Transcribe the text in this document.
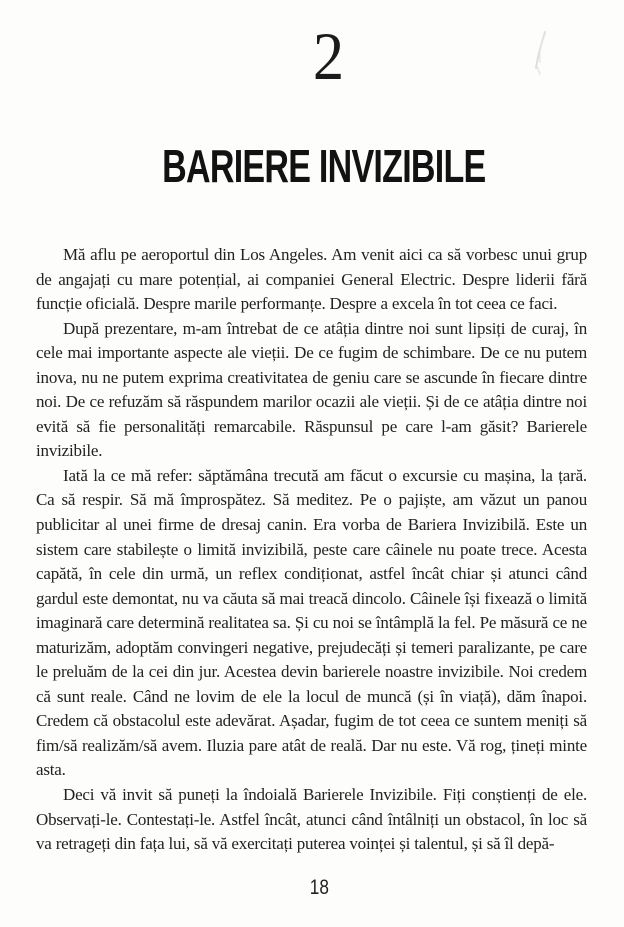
2
BARIERE INVIZIBILE

Mă aflu pe aeroportul din Los Angeles. Am venit aici ca să vorbesc unui grup de angajați cu mare potențial, ai companiei General Electric. Despre liderii fără funcție oficială. Despre marile performanțe. Despre a excela în tot ceea ce faci.

După prezentare, m-am întrebat de ce atâția dintre noi sunt lipsiți de curaj, în cele mai importante aspecte ale vieții. De ce fugim de schimbare. De ce nu putem inova, nu ne putem exprima creativitatea de geniu care se ascunde în fiecare dintre noi. De ce refuzăm să răspundem marilor ocazii ale vieții. Și de ce atâția dintre noi evită să fie personalități remarcabile. Răspunsul pe care l-am găsit? Barierele invizibile.

Iată la ce mă refer: săptămâna trecută am făcut o excursie cu mașina, la țară. Ca să respir. Să mă împrospătez. Să meditez. Pe o pajiște, am văzut un panou publicitar al unei firme de dresaj canin. Era vorba de Bariera Invizibilă. Este un sistem care stabilește o limită invizibilă, peste care câinele nu poate trece. Acesta capătă, în cele din urmă, un reflex condiționat, astfel încât chiar și atunci când gardul este demontat, nu va căuta să mai treacă dincolo. Câinele își fixează o limită imaginară care determină realitatea sa. Și cu noi se întâmplă la fel. Pe măsură ce ne maturizăm, adoptăm convingeri negative, prejudecăți și temeri paralizante, pe care le preluăm de la cei din jur. Acestea devin barierele noastre invizibile. Noi credem că sunt reale. Când ne lovim de ele la locul de muncă (și în viață), dăm înapoi. Credem că obstacolul este adevărat. Așadar, fugim de tot ceea ce suntem meniți să fim/să realizăm/să avem. Iluzia pare atât de reală. Dar nu este. Vă rog, țineți minte asta.

Deci vă invit să puneți la îndoială Barierele Invizibile. Fiți conștienți de ele. Observați-le. Contestați-le. Astfel încât, atunci când întâlniți un obstacol, în loc să va retrageți din fața lui, să vă exercitați puterea voinței și talentul, și să îl depă-

18
